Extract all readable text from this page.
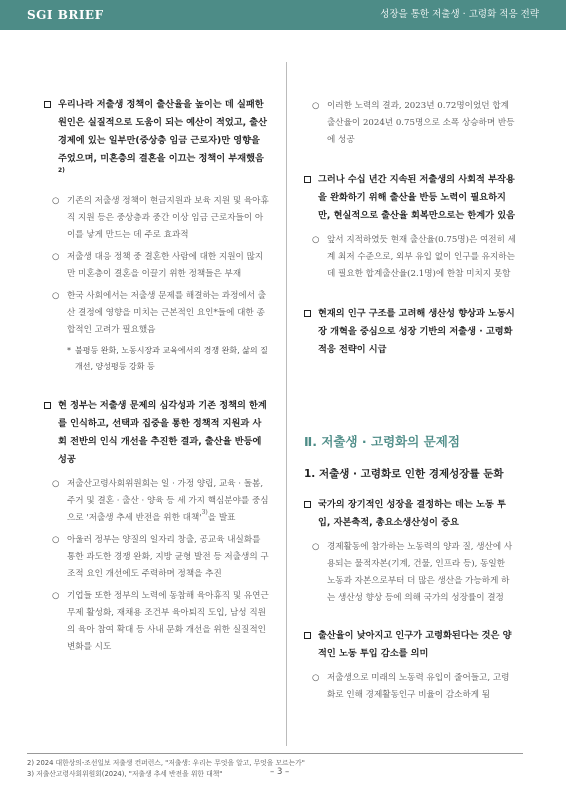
SGI BRIEF	성장을 통한 저출생 · 고령화 적응 전략
우리나라 저출생 정책이 출산율을 높이는 데 실패한 원인은 실질적으로 도움이 되는 예산이 적었고, 출산경제에 있는 일부만(중상층 임금 근로자)만 영향을 주었으며, 미혼층의 결혼을 이끄는 정책이 부재했음$^{2)}$
○ 기존의 저출생 정책이 현금지원과 보육 지원 및 육아휴직 지원 등은 중상층과 중간 이상 임금 근로자들이 아이를 낳게 만드는 데 주로 효과적
○ 저출생 대응 정책 중 결혼한 사람에 대한 지원이 많지만 미혼층이 결혼을 이끌기 위한 정책들은 부재
○ 한국 사회에서는 저출생 문제를 해결하는 과정에서 출산 결정에 영향을 미치는 근본적인 요인*들에 대한 종합적인 고려가 필요했음
* 불평등 완화, 노동시장과 교육에서의 경쟁 완화, 삶의 질 개선, 양성평등 강화 등
현 정부는 저출생 문제의 심각성과 기존 정책의 한계를 인식하고, 선택과 집중을 통한 정책적 지원과 사회 전반의 인식 개선을 추진한 결과, 출산율 반등에 성공
○ 저출산고령사회위원회는 일 · 가정 양립, 교육 · 돌봄, 주거 및 결혼 · 출산 · 양육 등 세 가지 핵심분야를 중심으로 '저출생 추세 반전을 위한 대책'$^{3)}$을 발표
○ 아울러 정부는 양질의 일자리 창출, 공교육 내실화를 통한 과도한 경쟁 완화, 지방 균형 발전 등 저출생의 구조적 요인 개선에도 주력하며 정책을 추진
○ 기업들 또한 정부의 노력에 동참해 육아휴직 및 유연근무제 활성화, 재채용 조건부 육아퇴직 도입, 남성 직원의 육아 참여 확대 등 사내 문화 개선을 위한 실질적인 변화를 시도
○ 이러한 노력의 결과, 2023년 0.72명이었던 합계출산율이 2024년 0.75명으로 소폭 상승하며 반등에 성공
그러나 수십 년간 지속된 저출생의 사회적 부작용을 완화하기 위해 출산율 반등 노력이 필요하지만, 현실적으로 출산율 회복만으로는 한계가 있음
○ 앞서 지적하였듯 현재 출산율(0.75명)은 여전히 세계 최저 수준으로, 외부 유입 없이 인구를 유지하는 데 필요한 합계출산율(2.1명)에 한참 미치지 못함
현재의 인구 구조를 고려해 생산성 향상과 노동시장 개혁을 중심으로 성장 기반의 저출생 · 고령화 적응 전략이 시급
Ⅱ. 저출생 · 고령화의 문제점
1. 저출생 · 고령화로 인한 경제성장률 둔화
국가의 장기적인 성장을 결정하는 데는 노동 투입, 자본축적, 총요소생산성이 중요
○ 경제활동에 참가하는 노동력의 양과 질, 생산에 사용되는 물적자본(기계, 건물, 인프라 등), 동일한 노동과 자본으로부터 더 많은 생산을 가능하게 하는 생산성 향상 등에 의해 국가의 성장률이 결정
출산율이 낮아지고 인구가 고령화된다는 것은 양적인 노동 투입 감소를 의미
○ 저출생으로 미래의 노동력 유입이 줄어들고, 고령화로 인해 경제활동인구 비율이 감소하게 됨
2) 2024 대한상의-조선일보 저출생 컨퍼런스, "저출생: 우리는 무엇을 알고, 무엇을 모르는가"
3) 저출산고령사회위원회(2024), "저출생 추세 반전을 위한 대책"	– 3 –
